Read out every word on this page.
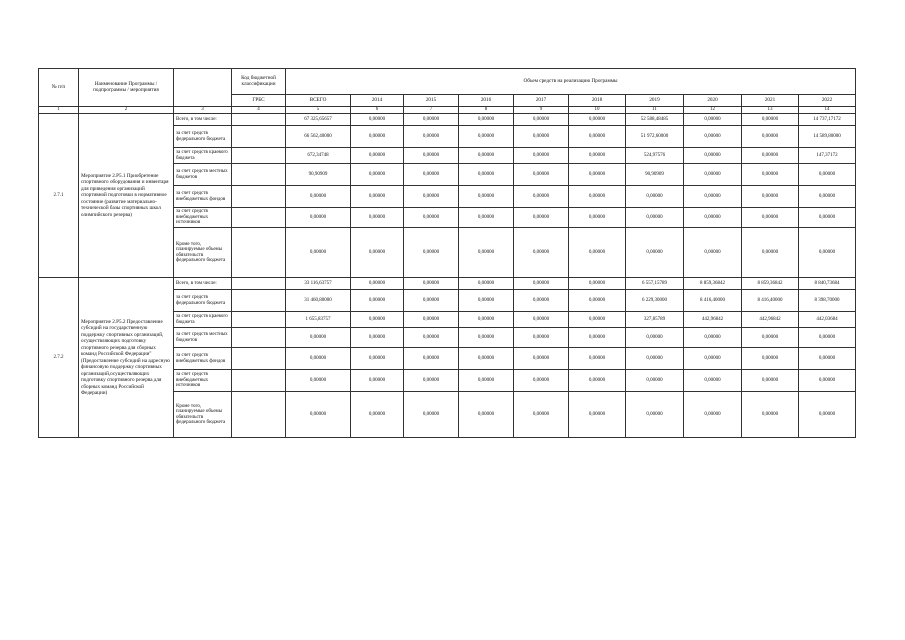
№ п/п	Наименование Программы / подпрограммы / мероприятия		Код бюджетной классификации	Объем средств на реализацию Программы									
			ГРБС	ВСЕГО	2014	2015	2016	2017	2018	2019	2020	2021	2022
1	2	3	4	5	6	7	8	9	10	11	12	13	14
2.7.1	Мероприятие 2.Р5.1 Приобретение спортивного оборудования и инвентаря для приведения организаций спортивной подготовки в нормативное состояние (развитие материально-технической базы спортивных школ олимпийского резерва)	Всего, в том числе:		67 325,65657	0,00000	0,00000	0,00000	0,00000	0,00000	52 588,48485	0,00000	0,00000	14 737,17172
		за счет средств федерального бюджета		66 562,40000	0,00000	0,00000	0,00000	0,00000	0,00000	51 972,60000	0,00000	0,00000	14 589,80000
		за счет средств краевого бюджета		672,34748	0,00000	0,00000	0,00000	0,00000	0,00000	524,97576	0,00000	0,00000	147,37172
		за счет средств местных бюджетов		90,90909	0,00000	0,00000	0,00000	0,00000	0,00000	90,90909	0,00000	0,00000	0,00000
		за счет средств внебюджетных фондов		0,00000	0,00000	0,00000	0,00000	0,00000	0,00000	0,00000	0,00000	0,00000	0,00000
		за счет средств внебюджетных источников		0,00000	0,00000	0,00000	0,00000	0,00000	0,00000	0,00000	0,00000	0,00000	0,00000
		Кроме того, планируемые объемы обязательств федерального бюджета		0,00000	0,00000	0,00000	0,00000	0,00000	0,00000	0,00000	0,00000	0,00000	0,00000
2.7.2	Мероприятие 2.Р5.2 Предоставление субсидий на государственную поддержку спортивных организаций, осуществляющих подготовку спортивного резерва для сборных команд Российской Федерации" (Предоставление субсидий на адресную финансовую поддержку спортивных организаций,осуществляющих подготовку спортивного резерва для сборных команд Российской Федерации)	Всего, в том числе:		33 116,63757	0,00000	0,00000	0,00000	0,00000	0,00000	6 557,15789	8 859,36842	8 859,36842	8 840,73684
		за счет средств федерального бюджета		31 460,80000	0,00000	0,00000	0,00000	0,00000	0,00000	6 229,30000	8 416,40000	8 416,40000	8 398,70000
		за счет средств краевого бюджета		1 655,83757	0,00000	0,00000	0,00000	0,00000	0,00000	327,85789	442,96842	442,96842	442,03684
		за счет средств местных бюджетов		0,00000	0,00000	0,00000	0,00000	0,00000	0,00000	0,00000	0,00000	0,00000	0,00000
		за счет средств внебюджетных фондов		0,00000	0,00000	0,00000	0,00000	0,00000	0,00000	0,00000	0,00000	0,00000	0,00000
		за счет средств внебюджетных источников		0,00000	0,00000	0,00000	0,00000	0,00000	0,00000	0,00000	0,00000	0,00000	0,00000
		Кроме того, планируемые объемы обязательств федерального бюджета		0,00000	0,00000	0,00000	0,00000	0,00000	0,00000	0,00000	0,00000	0,00000	0,00000
